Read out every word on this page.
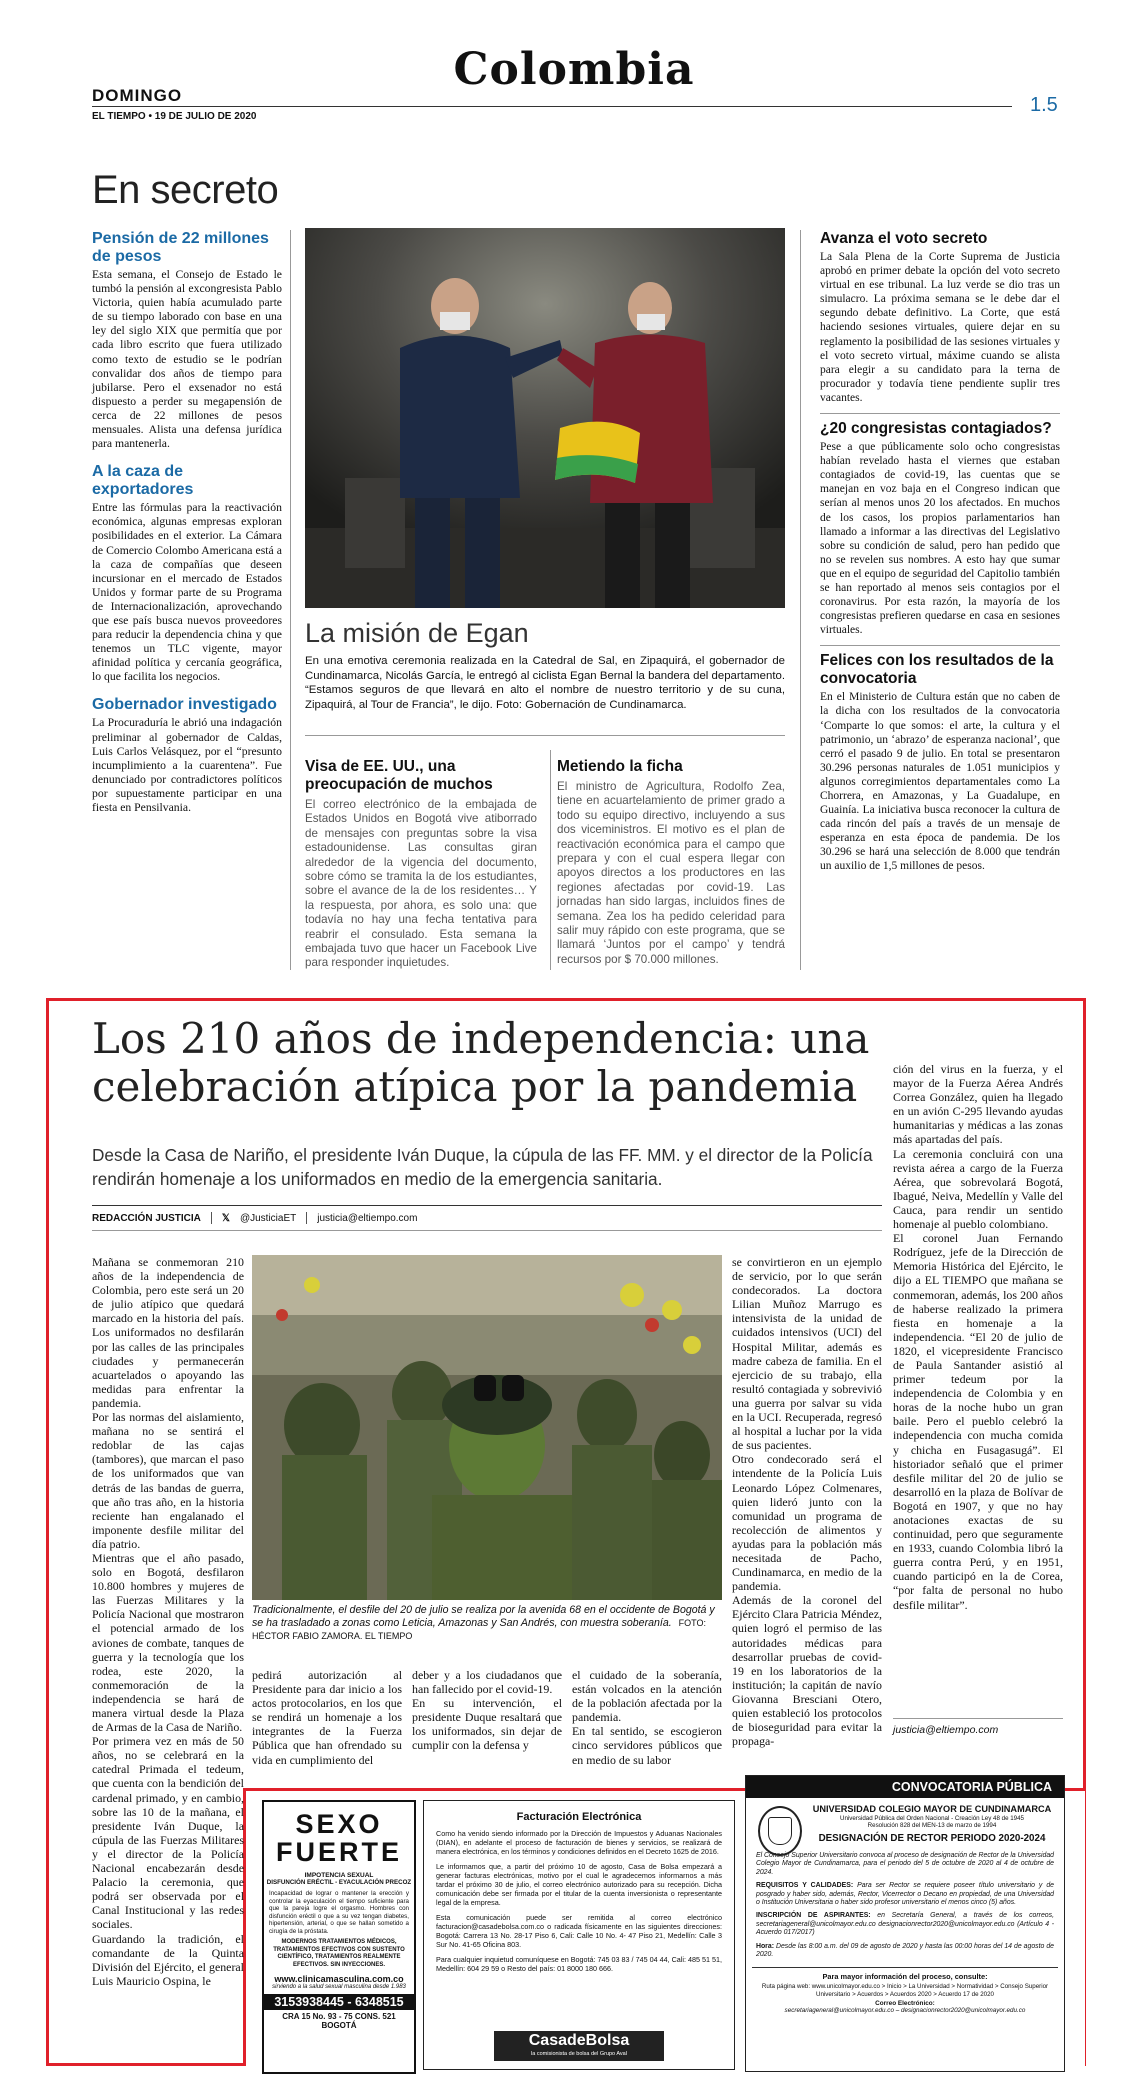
Colombia
DOMINGO
EL TIEMPO • 19 DE JULIO DE 2020
1.5
En secreto
Pensión de 22 millones de pesos
Esta semana, el Consejo de Estado le tumbó la pensión al excongresista Pablo Victoria, quien había acumulado parte de su tiempo laborado con base en una ley del siglo XIX que permitía que por cada libro escrito que fuera utilizado como texto de estudio se le podrían convalidar dos años de tiempo para jubilarse. Pero el exsenador no está dispuesto a perder su megapensión de cerca de 22 millones de pesos mensuales. Alista una defensa jurídica para mantenerla.
A la caza de exportadores
Entre las fórmulas para la reactivación económica, algunas empresas exploran posibilidades en el exterior. La Cámara de Comercio Colombo Americana está a la caza de compañías que deseen incursionar en el mercado de Estados Unidos y formar parte de su Programa de Internacionalización, aprovechando que ese país busca nuevos proveedores para reducir la dependencia china y que tenemos un TLC vigente, mayor afinidad política y cercanía geográfica, lo que facilita los negocios.
Gobernador investigado
La Procuraduría le abrió una indagación preliminar al gobernador de Caldas, Luis Carlos Velásquez, por el “presunto incumplimiento a la cuarentena”. Fue denunciado por contradictores políticos por supuestamente participar en una fiesta en Pensilvania.
La misión de Egan
En una emotiva ceremonia realizada en la Catedral de Sal, en Zipaquirá, el gobernador de Cundinamarca, Nicolás García, le entregó al ciclista Egan Bernal la bandera del departamento. “Estamos seguros de que llevará en alto el nombre de nuestro territorio y de su cuna, Zipaquirá, al Tour de Francia”, le dijo. Foto: Gobernación de Cundinamarca.
Visa de EE. UU., una preocupación de muchos
El correo electrónico de la embajada de Estados Unidos en Bogotá vive atiborrado de mensajes con preguntas sobre la visa estadounidense. Las consultas giran alrededor de la vigencia del documento, sobre cómo se tramita la de los estudiantes, sobre el avance de la de los residentes… Y la respuesta, por ahora, es solo una: que todavía no hay una fecha tentativa para reabrir el consulado. Esta semana la embajada tuvo que hacer un Facebook Live para responder inquietudes.
Metiendo la ficha
El ministro de Agricultura, Rodolfo Zea, tiene en acuartelamiento de primer grado a todo su equipo directivo, incluyendo a sus dos viceministros. El motivo es el plan de reactivación económica para el campo que prepara y con el cual espera llegar con apoyos directos a los productores en las regiones afectadas por covid-19. Las jornadas han sido largas, incluidos fines de semana. Zea los ha pedido celeridad para salir muy rápido con este programa, que se llamará ‘Juntos por el campo’ y tendrá recursos por $ 70.000 millones.
Avanza el voto secreto
La Sala Plena de la Corte Suprema de Justicia aprobó en primer debate la opción del voto secreto virtual en ese tribunal. La luz verde se dio tras un simulacro. La próxima semana se le debe dar el segundo debate definitivo. La Corte, que está haciendo sesiones virtuales, quiere dejar en su reglamento la posibilidad de las sesiones virtuales y el voto secreto virtual, máxime cuando se alista para elegir a su candidato para la terna de procurador y todavía tiene pendiente suplir tres vacantes.
¿20 congresistas contagiados?
Pese a que públicamente solo ocho congresistas habían revelado hasta el viernes que estaban contagiados de covid-19, las cuentas que se manejan en voz baja en el Congreso indican que serían al menos unos 20 los afectados. En muchos de los casos, los propios parlamentarios han llamado a informar a las directivas del Legislativo sobre su condición de salud, pero han pedido que no se revelen sus nombres. A esto hay que sumar que en el equipo de seguridad del Capitolio también se han reportado al menos seis contagios por el coronavirus. Por esta razón, la mayoría de los congresistas prefieren quedarse en casa en sesiones virtuales.
Felices con los resultados de la convocatoria
En el Ministerio de Cultura están que no caben de la dicha con los resultados de la convocatoria ‘Comparte lo que somos: el arte, la cultura y el patrimonio, un ‘abrazo’ de esperanza nacional’, que cerró el pasado 9 de julio. En total se presentaron 30.296 personas naturales de 1.051 municipios y algunos corregimientos departamentales como La Chorrera, en Amazonas, y La Guadalupe, en Guainía. La iniciativa busca reconocer la cultura de cada rincón del país a través de un mensaje de esperanza en esta época de pandemia. De los 30.296 se hará una selección de 8.000 que tendrán un auxilio de 1,5 millones de pesos.
Los 210 años de independencia: una celebración atípica por la pandemia
Desde la Casa de Nariño, el presidente Iván Duque, la cúpula de las FF. MM. y el director de la Policía rendirán homenaje a los uniformados en medio de la emergencia sanitaria.
REDACCIÓN JUSTICIA 𝕏 @JusticiaET justicia@eltiempo.com
Mañana se conmemoran 210 años de la independencia de Colombia, pero este será un 20 de julio atípico que quedará marcado en la historia del país. Los uniformados no desfilarán por las calles de las principales ciudades y permanecerán acuartelados o apoyando las medidas para enfrentar la pandemia.
Por las normas del aislamiento, mañana no se sentirá el redoblar de las cajas (tambores), que marcan el paso de los uniformados que van detrás de las bandas de guerra, que año tras año, en la historia reciente han engalanado el imponente desfile militar del día patrio.
Mientras que el año pasado, solo en Bogotá, desfilaron 10.800 hombres y mujeres de las Fuerzas Militares y la Policía Nacional que mostraron el potencial armado de los aviones de combate, tanques de guerra y la tecnología que los rodea, este 2020, la conmemoración de la independencia se hará de manera virtual desde la Plaza de Armas de la Casa de Nariño.
Por primera vez en más de 50 años, no se celebrará en la catedral Primada el tedeum, que cuenta con la bendición del cardenal primado, y en cambio, sobre las 10 de la mañana, el presidente Iván Duque, la cúpula de las Fuerzas Militares y el director de la Policía Nacional encabezarán desde Palacio la ceremonia, que podrá ser observada por el Canal Institucional y las redes sociales.
Guardando la tradición, el comandante de la Quinta División del Ejército, el general Luis Mauricio Ospina, le
Tradicionalmente, el desfile del 20 de julio se realiza por la avenida 68 en el occidente de Bogotá y se ha trasladado a zonas como Leticia, Amazonas y San Andrés, con muestra soberanía. FOTO: HÉCTOR FABIO ZAMORA. EL TIEMPO
pedirá autorización al Presidente para dar inicio a los actos protocolarios, en los que se rendirá un homenaje a los integrantes de la Fuerza Pública que han ofrendado su vida en cumplimiento del
deber y a los ciudadanos que han fallecido por el covid-19.
En su intervención, el presidente Duque resaltará que los uniformados, sin dejar de cumplir con la defensa y
el cuidado de la soberanía, están volcados en la atención de la población afectada por la pandemia.
En tal sentido, se escogieron cinco servidores públicos que en medio de su labor
se convirtieron en un ejemplo de servicio, por lo que serán condecorados. La doctora Lilian Muñoz Marrugo es intensivista de la unidad de cuidados intensivos (UCI) del Hospital Militar, además es madre cabeza de familia. En el ejercicio de su trabajo, ella resultó contagiada y sobrevivió una guerra por salvar su vida en la UCI. Recuperada, regresó al hospital a luchar por la vida de sus pacientes.
Otro condecorado será el intendente de la Policía Luis Leonardo López Colmenares, quien lideró junto con la comunidad un programa de recolección de alimentos y ayudas para la población más necesitada de Pacho, Cundinamarca, en medio de la pandemia.
Además de la coronel del Ejército Clara Patricia Méndez, quien logró el permiso de las autoridades médicas para desarrollar pruebas de covid-19 en los laboratorios de la institución; la capitán de navío Giovanna Bresciani Otero, quien estableció los protocolos de bioseguridad para evitar la propaga-
ción del virus en la fuerza, y el mayor de la Fuerza Aérea Andrés Correa González, quien ha llegado en un avión C-295 llevando ayudas humanitarias y médicas a las zonas más apartadas del país.
La ceremonia concluirá con una revista aérea a cargo de la Fuerza Aérea, que sobrevolará Bogotá, Ibagué, Neiva, Medellín y Valle del Cauca, para rendir un sentido homenaje al pueblo colombiano.
El coronel Juan Fernando Rodríguez, jefe de la Dirección de Memoria Histórica del Ejército, le dijo a EL TIEMPO que mañana se conmemoran, además, los 200 años de haberse realizado la primera fiesta en homenaje a la independencia. “El 20 de julio de 1820, el vicepresidente Francisco de Paula Santander asistió al primer tedeum por la independencia de Colombia y en horas de la noche hubo un gran baile. Pero el pueblo celebró la independencia con mucha comida y chicha en Fusagasugá”. El historiador señaló que el primer desfile militar del 20 de julio se desarrolló en la plaza de Bolívar de Bogotá en 1907, y que no hay anotaciones exactas de su continuidad, pero que seguramente en 1933, cuando Colombia libró la guerra contra Perú, y en 1951, cuando participó en la de Corea, “por falta de personal no hubo desfile militar”.
justicia@eltiempo.com
SEXO
FUERTE
IMPOTENCIA SEXUAL
DISFUNCIÓN ERÉCTIL - EYACULACIÓN PRECOZ
Incapacidad de lograr o mantener la erección y controlar la eyaculación el tiempo suficiente para que la pareja logre el orgasmo. Hombres con disfunción eréctil o que a su vez tengan diabetes, hipertensión, arterial, o que se hallan sometido a cirugía de la próstata.
MODERNOS TRATAMIENTOS MÉDICOS, TRATAMIENTOS EFECTIVOS CON SUSTENTO CIENTÍFICO, TRATAMIENTOS REALMENTE EFECTIVOS. SIN INYECCIONES.
www.clinicamasculina.com.co
sirviendo a la salud sexual masculina desde 1.983
3153938445 - 6348515
CRA 15 No. 93 - 75 CONS. 521 BOGOTÁ
Facturación Electrónica
Como ha venido siendo informado por la Dirección de Impuestos y Aduanas Nacionales (DIAN), en adelante el proceso de facturación de bienes y servicios, se realizará de manera electrónica, en los términos y condiciones definidos en el Decreto 1625 de 2016.
Le informamos que, a partir del próximo 10 de agosto, Casa de Bolsa empezará a generar facturas electrónicas, motivo por el cual le agradecemos informarnos a más tardar el próximo 30 de julio, el correo electrónico autorizado para su recepción. Dicha comunicación debe ser firmada por el titular de la cuenta inversionista o representante legal de la empresa.
Esta comunicación puede ser remitida al correo electrónico facturacion@casadebolsa.com.co o radicada físicamente en las siguientes direcciones: Bogotá: Carrera 13 No. 28-17 Piso 6, Cali: Calle 10 No. 4- 47 Piso 21, Medellín: Calle 3 Sur No. 41-65 Oficina 803.
Para cualquier inquietud comuníquese en Bogotá: 745 03 83 / 745 04 44, Cali: 485 51 51, Medellín: 604 29 59 o Resto del país: 01 8000 180 666.
CasadeBolsa
la comisionista de bolsa del Grupo Aval
CONVOCATORIA PÚBLICA
UNIVERSIDAD COLEGIO MAYOR DE CUNDINAMARCA
Universidad Pública del Orden Nacional - Creación Ley 48 de 1945
Resolución 828 del MEN-13 de marzo de 1994
DESIGNACIÓN DE RECTOR PERIODO 2020-2024
El Consejo Superior Universitario convoca al proceso de designación de Rector de la Universidad Colegio Mayor de Cundinamarca, para el periodo del 5 de octubre de 2020 al 4 de octubre de 2024.
REQUISITOS Y CALIDADES: Para ser Rector se requiere poseer título universitario y de posgrado y haber sido, además, Rector, Vicerrector o Decano en propiedad, de una Universidad o Institución Universitaria o haber sido profesor universitario el menos cinco (5) años.
INSCRIPCIÓN DE ASPIRANTES: en Secretaría General, a través de los correos, secretariageneral@unicolmayor.edu.co designacionrector2020@unicolmayor.edu.co (Artículo 4 - Acuerdo 017/2017)
Hora: Desde las 8:00 a.m. del 09 de agosto de 2020 y hasta las 00:00 horas del 14 de agosto de 2020.
Para mayor información del proceso, consulte:
Ruta página web: www.unicolmayor.edu.co > Inicio > La Universidad > Normatividad > Consejo Superior Universitario > Acuerdos > Acuerdos 2020 > Acuerdo 17 de 2020
Correo Electrónico:
secretariageneral@unicolmayor.edu.co – designacionrector2020@unicolmayor.edu.co
